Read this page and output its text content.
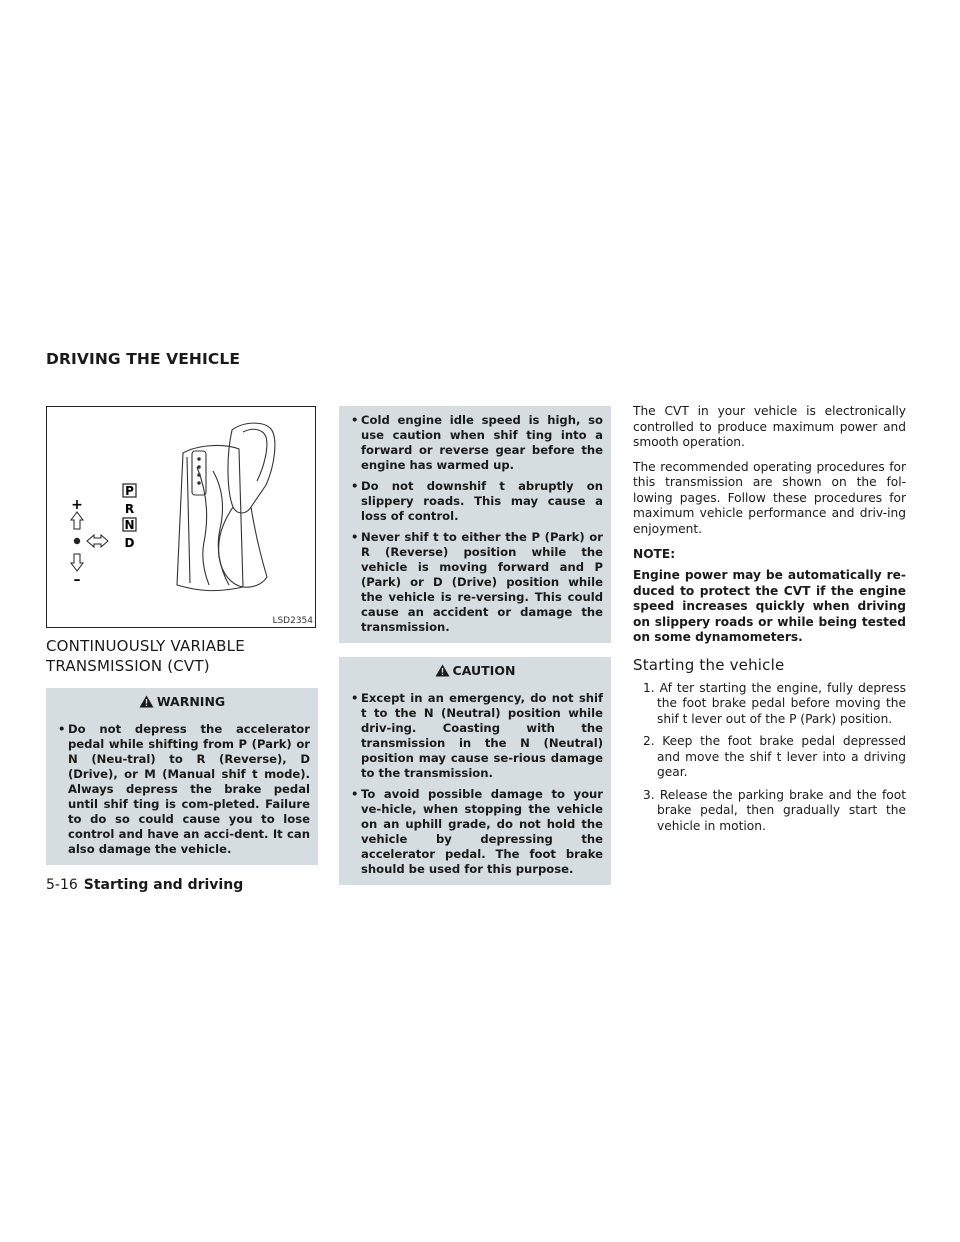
DRIVING THE VEHICLE
+
–
P
R
N
D
LSD2354
CONTINUOUSLY VARIABLE
TRANSMISSION (CVT)
WARNING
• Do not depress the accelerator pedal while shifting from P (Park) or N (Neu-tral) to R (Reverse), D (Drive), or M (Manual shif t mode). Always depress the brake pedal until shif ting is com-pleted. Failure to do so could cause you to lose control and have an acci-dent. It can also damage the vehicle.
• Cold engine idle speed is high, so use caution when shif ting into a forward or reverse gear before the engine has warmed up.
• Do not downshif t abruptly on slippery roads. This may cause a loss of control.
• Never shif t to either the P (Park) or R (Reverse) position while the vehicle is moving forward and P (Park) or D (Drive) position while the vehicle is re-versing. This could cause an accident or damage the transmission.
CAUTION
• Except in an emergency, do not shif t to the N (Neutral) position while driv-ing. Coasting with the transmission in the N (Neutral) position may cause se-rious damage to the transmission.
• To avoid possible damage to your ve-hicle, when stopping the vehicle on an uphill grade, do not hold the vehicle by depressing the accelerator pedal. The foot brake should be used for this purpose.

The CVT in your vehicle is electronically controlled to produce maximum power and smooth operation.

The recommended operating procedures for this transmission are shown on the fol-lowing pages. Follow these procedures for maximum vehicle performance and driv-ing enjoyment.

NOTE:

Engine power may be automatically re-duced to protect the CVT if the engine speed increases quickly when driving on slippery roads or while being tested on some dynamometers.

Starting the vehicle
1. Af ter starting the engine, fully depress the foot brake pedal before moving the shif t lever out of the P (Park) position.
2. Keep the foot brake pedal depressed and move the shif t lever into a driving gear.
3. Release the parking brake and the foot brake pedal, then gradually start the vehicle in motion.
5-16 Starting and driving
